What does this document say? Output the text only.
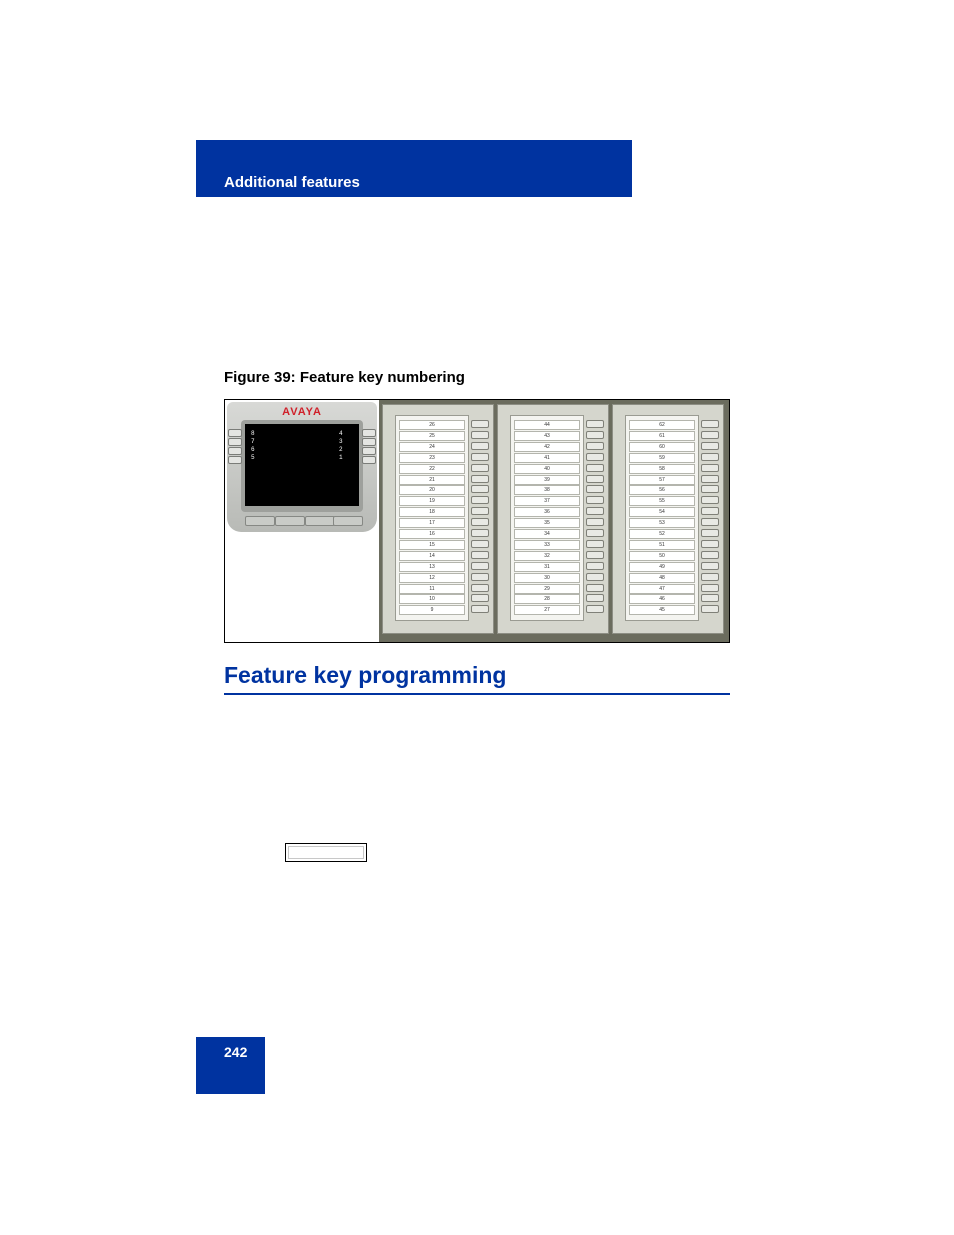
Additional features
Figure 39: Feature key numbering
AVAYA
8
7
6
5
4
3
2
1
26
25
24
23
22
21
20
19
18
17
16
15
14
13
12
11
10
9
44
43
42
41
40
39
38
37
36
35
34
33
32
31
30
29
28
27
62
61
60
59
58
57
56
55
54
53
52
51
50
49
48
47
46
45
Feature key programming
242
